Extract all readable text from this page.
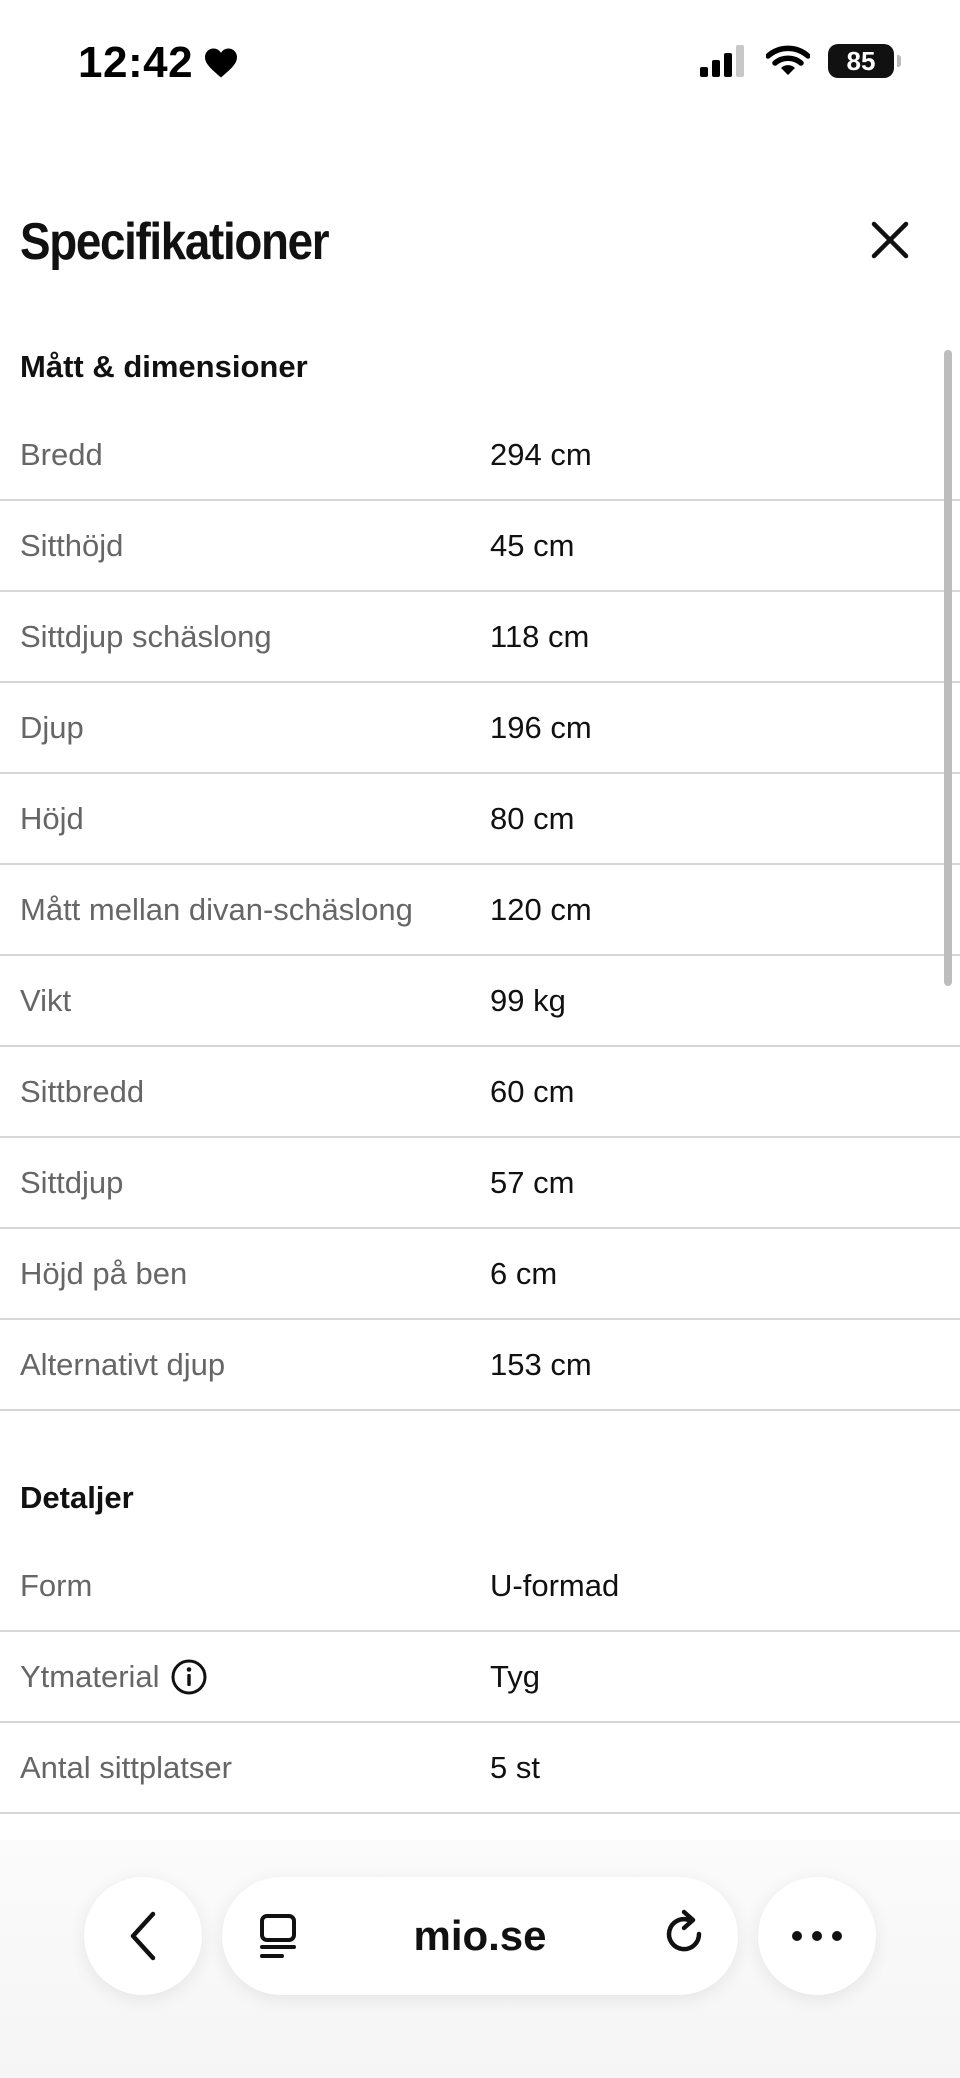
12:42	85
Specifikationer
Mått & dimensioner
Bredd	294 cm
Sitthöjd	45 cm
Sittdjup schäslong	118 cm
Djup	196 cm
Höjd	80 cm
Mått mellan divan-schäslong 120 cm
Vikt	99 kg
Sittbredd	60 cm
Sittdjup	57 cm
Höjd på ben	6 cm
Alternativt djup	153 cm
Detaljer
Form	U-formad
Ytmaterial	Tyg
Antal sittplatser	5 st
mio.se
